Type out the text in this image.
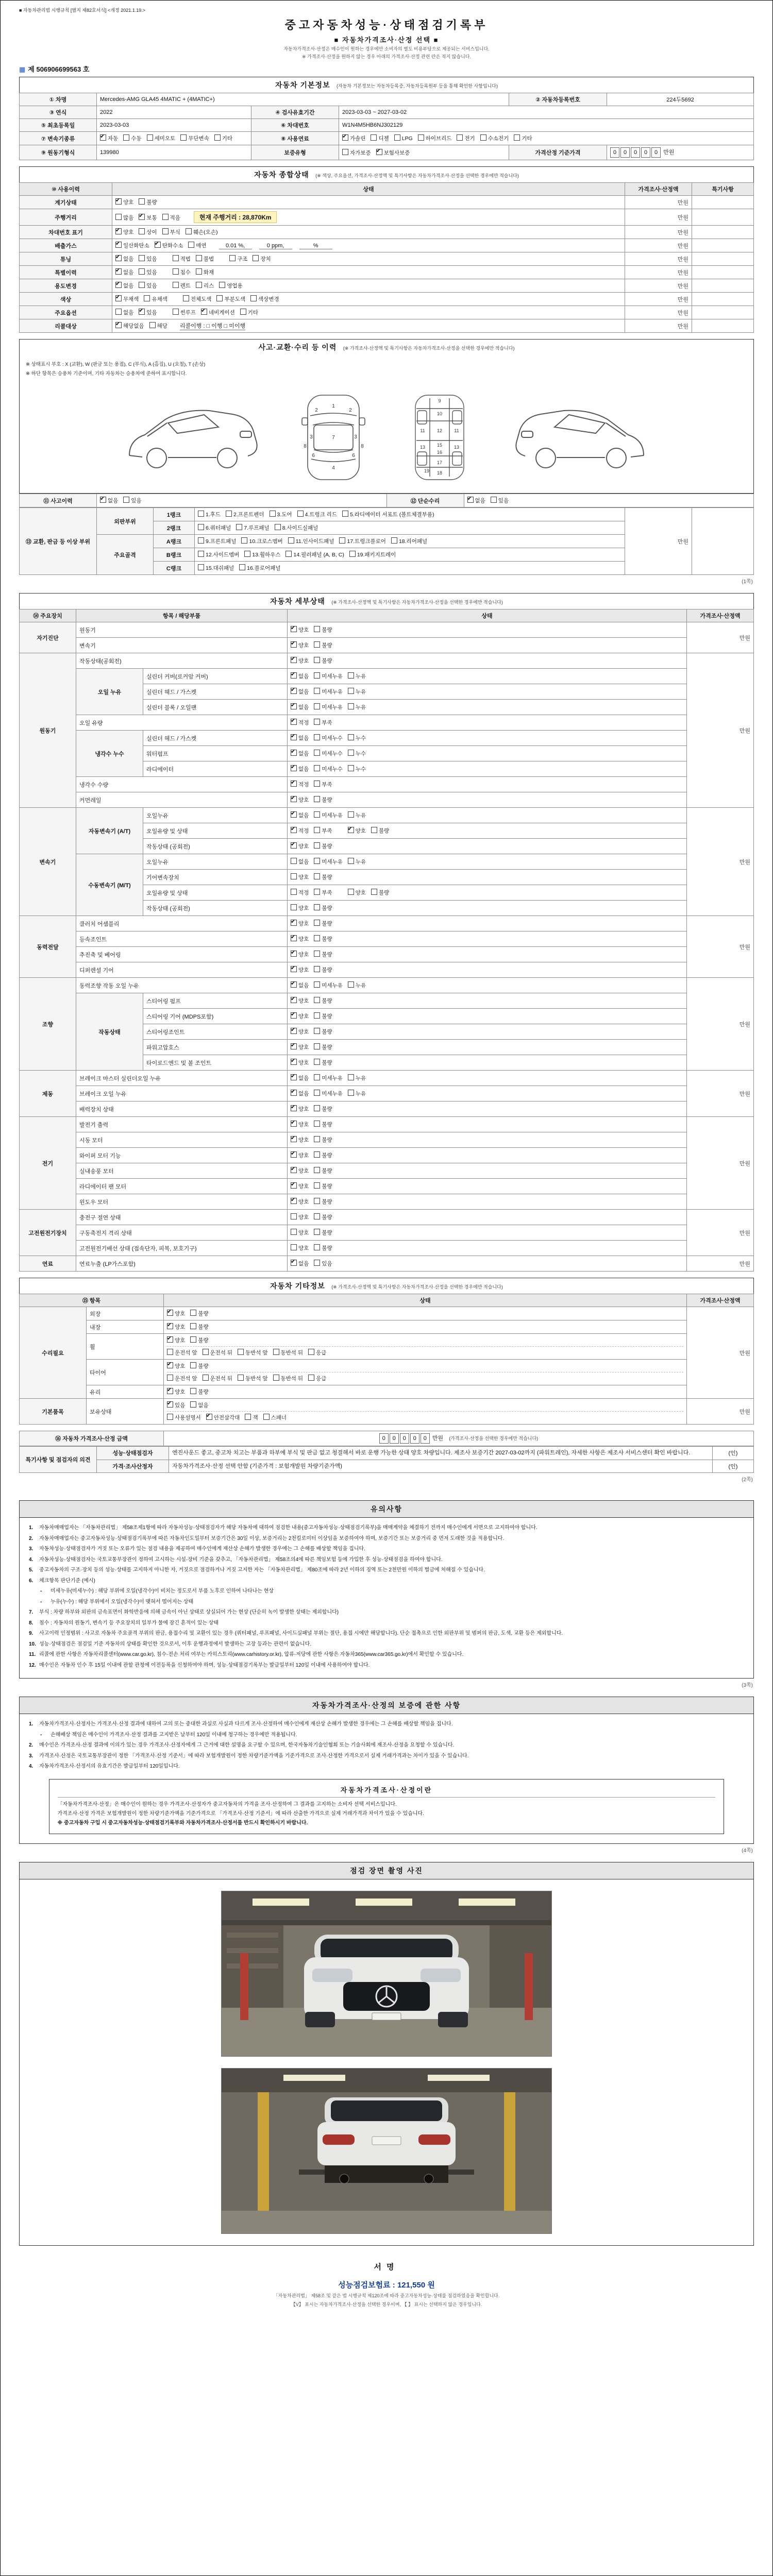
■ 자동차관리법 시행규칙 [별지 제82호서식] <개정 2021.1.19.>
중고자동차성능·상태점검기록부
■ 자동차가격조사·산정 선택 ■
자동차가격조사·산정은 매수인이 원하는 경우에만 소비자의 별도 비용부담으로 제공되는 서비스입니다.
※ 가격조사·산정을 원하지 않는 경우 아래의 가격조사·산정 관련 란은 적지 않습니다.
▦ 제 506906699563 호
자동차 기본정보 (자동차 기본정보는 자동차등록증, 자동차등록원부 등을 통해 확인한 사항입니다)
① 차명	Mercedes-AMG GLA45 4MATIC + (4MATIC+)			② 자동차등록번호	224두5692
③ 연식	2022	④ 검사유효기간	2023-03-03 ~ 2027-03-02		
⑤ 최초등록일	2023-03-03	⑥ 차대번호	W1N4M5HB6NJ302129		
⑦ 변속기종류	✔자동 수동 세미오토 무단변속 기타	⑧ 사용연료	✔가솔린 디젤 LPG 하이브리드 전기 수소전기 기타
⑨ 원동기형식	139980	보증유형	자가보증 ✔ 보험사보증	가격산정 기준가격	0 0 0 0 0 만원
자동차 종합상태 (※ 색상, 주요옵션, 가격조사·산정액 및 특기사항은 자동차가격조사·산정을 선택한 경우에만 적습니다)
⑩ 사용이력	상태	가격조사·산정액	특기사항
계기상태	✔양호 불량	만원	
주행거리	많음 ✔ 보통 적음 현재 주행거리 : 28,870Km	만원	
차대번호 표기	✔양호 상이 부식 훼손(오손)	만원	
배출가스	✔일산화탄소 ✔ 탄화수소 매연 0.01 %, 0 ppm, %	만원	
튜닝	✔없음 있음 적법 불법 구조 장치	만원	
특별이력	✔없음 있음 침수 화재	만원	
용도변경	✔없음 있음 렌트 리스 영업용	만원	
색상	✔무채색 유채색 전체도색 부분도색 색상변경	만원	
주요옵션	없음 ✔ 있음 썬루프 ✔ 네비게이션 기타	만원	
리콜대상	✔해당없음 해당 리콜이행 : □ 이행 □ 미이행	만원	
사고·교환·수리 등 이력 (※ 가격조사·산정액 및 특기사항은 자동차가격조사·산정을 선택한 경우에만 적습니다)
※ 상태표시 부호 : X (교환), W (판금 또는 용접), C (부식), A (흠집), U (요철), T (손상)
※ 하단 항목은 승용차 기준이며, 기타 자동차는 승용차에 준하여 표시합니다.
1
2	2
3	3
7
4
6	6
8	8
9
10
11	11
12
13	13
15
16
17
18
19
⑪ 사고이력	✔없음 있음	⑫ 단순수리	✔없음 있음
⑬ 교환, 판금 등 이상 부위	외판부위	1랭크	1.후드 2.프론트펜더 3.도어 4.트렁크 리드 5.라디에이터 서포트 (볼트체결부품)	만원	
		2랭크	6.쿼터패널 7.루프패널 8.사이드실패널		
	주요골격	A랭크	9.프론트패널 10.크로스멤버 11.인사이드패널 17.트렁크플로어 18.리어패널		
		B랭크	12.사이드멤버 13.휠하우스 14.필러패널 (A, B, C) 19.패키지트레이		
		C랭크	15.대쉬패널 16.플로어패널		
(1쪽)
자동차 세부상태 (※ 가격조사·산정액 및 특기사항은 자동차가격조사·산정을 선택한 경우에만 적습니다)
⑭ 주요장치	항목 / 해당부품		상태	가격조사·산정액
자기진단	원동기	✔양호 불량	만원
	변속기	✔양호 불량
원동기	작동상태(공회전)	✔양호 불량	만원
	오일 누유	실린더 커버(로커암 커버)	✔없음 미세누유 누유
		실린더 헤드 / 가스켓	✔없음 미세누유 누유
		실린더 블록 / 오일팬	✔없음 미세누유 누유
	오일 유량	✔적정 부족
	냉각수 누수	실린더 헤드 / 가스켓	✔없음 미세누수 누수
		워터펌프	✔없음 미세누수 누수
		라디에이터	✔없음 미세누수 누수
	냉각수 수량	✔적정 부족
	커먼레일	✔양호 불량
변속기	자동변속기 (A/T)	오일누유	✔없음 미세누유 누유	만원
		오일유량 및 상태	✔적정 부족 ✔ 양호 불량
		작동상태 (공회전)	✔양호 불량
	수동변속기 (M/T)	오일누유	없음 미세누유 누유	
		기어변속장치	양호 불량	
		오일유량 및 상태	적정 부족 양호 불량	
		작동상태 (공회전)	양호 불량	
동력전달	클러치 어셈블리	✔양호 불량	만원
	등속조인트	✔양호 불량
	추진축 및 베어링	✔양호 불량
	디퍼렌셜 기어	✔양호 불량
조향	동력조향 작동 오일 누유	✔없음 미세누유 누유	만원
	작동상태	스티어링 펌프	✔양호 불량
		스티어링 기어 (MDPS포함)	✔양호 불량
		스티어링조인트	✔양호 불량
		파워고압호스	✔양호 불량
		타이로드엔드 및 볼 조인트	✔양호 불량
제동	브레이크 마스터 실린더오일 누유	✔없음 미세누유 누유	만원
	브레이크 오일 누유	✔없음 미세누유 누유
	배력장치 상태	✔양호 불량
전기	발전기 출력	✔양호 불량	만원
	시동 모터	✔양호 불량
	와이퍼 모터 기능	✔양호 불량
	실내송풍 모터	✔양호 불량
	라디에이터 팬 모터	✔양호 불량
	윈도우 모터	✔양호 불량
고전원전기장치	충전구 절연 상태		양호 불량	만원
	구동축전지 격리 상태		양호 불량	
	고전원전기배선 상태 (접속단자, 피복, 보호기구)		양호 불량	
연료	연료누출 (LP가스포함)	✔없음 있음	만원
자동차 기타정보 (※ 가격조사·산정액 및 특기사항은 자동차가격조사·산정을 선택한 경우에만 적습니다)
⑮ 항목		상태	가격조사·산정액
수리필요	외장	✔양호 불량	만원
	내장	✔양호 불량
	휠	✔양호 불량
운전석 앞 운전석 뒤 동반석 앞 동반석 뒤 응급

	타이어	✔양호 불량
운전석 앞 운전석 뒤 동반석 앞 동반석 뒤 응급

	유리	✔양호 불량
기본품목	보유상태	✔있음 없음
사용설명서 ✔ 안전삼각대 잭 스패너	만원
⑯ 자동차 가격조사·산정 금액	0 0 0 0 0 만원 (가격조사·산정을 선택한 경우에만 적습니다)
특기사항 및 점검자의 의견	성능·상태점검자	엔진사운드 좋고, 중고차 치고는 부품과 하부에 부식 및 판금 없고 청결해서 바로 운행 가능한 상태 양호 차량입니다. 제조사 보증기간 2027-03-02까지 (파워트레인), 자세한 사항은 제조사 서비스센터 확인 바랍니다.	(인)
	가격·조사산정자	자동차가격조사·산정 선택 안함 (기준가격 : 보험개발원 차량기준가액)	(인)
(2쪽)
유의사항
1.	자동차매매업자는 「자동차관리법」 제58조제1항에 따라 자동차성능·상태점검자가 해당 자동차에 대하여 점검한 내용(중고자동차성능·상태점검기록부)을 매매계약을 체결하기 전까지 매수인에게 서면으로 고지하여야 합니다.
2.	자동차매매업자는 중고자동차성능·상태점검기록부에 따른 자동차인도일부터 보증기간은 30일 이상, 보증거리는 2천킬로미터 이상임을 보증하여야 하며, 보증기간 또는 보증거리 중 먼저 도래한 것을 적용합니다.
3.	자동차성능·상태점검자가 거짓 또는 오류가 있는 점검 내용을 제공하여 매수인에게 재산상 손해가 발생한 경우에는 그 손해를 배상할 책임을 집니다.
4.	자동차성능·상태점검자는 국토교통부장관이 정하여 고시하는 시설·장비 기준을 갖추고, 「자동차관리법」 제58조의4에 따른 책임보험 등에 가입한 후 성능·상태점검을 하여야 합니다.
5.	중고자동차의 구조·장치 등의 성능·상태를 고지하지 아니한 자, 거짓으로 점검하거나 거짓 고지한 자는 「자동차관리법」 제80조에 따라 2년 이하의 징역 또는 2천만원 이하의 벌금에 처해질 수 있습니다.
6.	체크항목 판단기준 (예시)
-	미세누유(미세누수) : 해당 부위에 오일(냉각수)이 비치는 정도로서 부품 노후로 인하여 나타나는 현상
-	누유(누수) : 해당 부위에서 오일(냉각수)이 맺혀서 떨어지는 상태
7.	부식 : 차량 하부와 외판의 금속표면이 화학반응에 의해 금속이 아닌 상태로 상실되어 가는 현상 (단순히 녹이 발생한 상태는 제외합니다)
8.	침수 : 자동차의 원동기, 변속기 등 주요장치의 일부가 물에 잠긴 흔적이 있는 상태
9.	사고이력 인정범위 : 사고로 자동차 주요골격 부위의 판금, 용접수리 및 교환이 있는 경우 (쿼터패널, 루프패널, 사이드실패널 부위는 절단, 용접 시에만 해당합니다). 단순 접촉으로 인한 외판부위 및 범퍼의 판금, 도색, 교환 등은 제외합니다.
10. 성능·상태점검은 점검일 기준 자동차의 상태를 확인한 것으로서, 이후 운행과정에서 발생하는 고장 등과는 관련이 없습니다.
11. 리콜에 관한 사항은 자동차리콜센터(www.car.go.kr), 침수·전손 처리 여부는 카히스토리(www.carhistory.or.kr), 압류·저당에 관한 사항은 자동차365(www.car365.go.kr)에서 확인할 수 있습니다.
12. 매수인은 자동차 인수 후 15일 이내에 관할 관청에 이전등록을 신청하여야 하며, 성능·상태점검기록부는 발급일부터 120일 이내에 사용하여야 합니다.
(3쪽)
자동차가격조사·산정의 보증에 관한 사항
1.	자동차가격조사·산정자는 가격조사·산정 결과에 대하여 고의 또는 중대한 과실로 사실과 다르게 조사·산정하여 매수인에게 재산상 손해가 발생한 경우에는 그 손해를 배상할 책임을 집니다.
-	손해배상 책임은 매수인이 가격조사·산정 결과를 고지받은 날부터 120일 이내에 청구하는 경우에만 적용됩니다.
2.	매수인은 가격조사·산정 결과에 이의가 있는 경우 가격조사·산정자에게 그 근거에 대한 설명을 요구할 수 있으며, 한국자동차기술인협회 또는 기술사회에 재조사·산정을 요청할 수 있습니다.
3.	가격조사·산정은 국토교통부장관이 정한 「가격조사·산정 기준서」에 따라 보험개발원이 정한 차량기준가액을 기준가격으로 조사·산정한 가격으로서 실제 거래가격과는 차이가 있을 수 있습니다.
4.	자동차가격조사·산정서의 유효기간은 발급일부터 120일입니다.
자동차가격조사·산정이란

「자동차가격조사·산정」은 매수인이 원하는 경우 가격조사·산정자가 중고자동차의 가격을 조사·산정하여 그 결과를 고지하는 소비자 선택 서비스입니다.

가격조사·산정 가격은 보험개발원이 정한 차량기준가액을 기준가격으로 「가격조사·산정 기준서」에 따라 산출한 가격으로 실제 거래가격과 차이가 있을 수 있습니다.

※ 중고자동차 구입 시 중고자동차성능·상태점검기록부와 자동차가격조사·산정서를 반드시 확인하시기 바랍니다.

(4쪽)
점검 장면 촬영 사진
서명
성능점검보험료 : 121,550 원
「자동차관리법」 제58조 및 같은 법 시행규칙 제120조에 따라 중고자동차성능·상태를 점검하였음을 확인합니다.
【V】 표시는 자동차가격조사·산정을 선택한 경우이며, 【 】 표시는 선택하지 않은 경우입니다.
